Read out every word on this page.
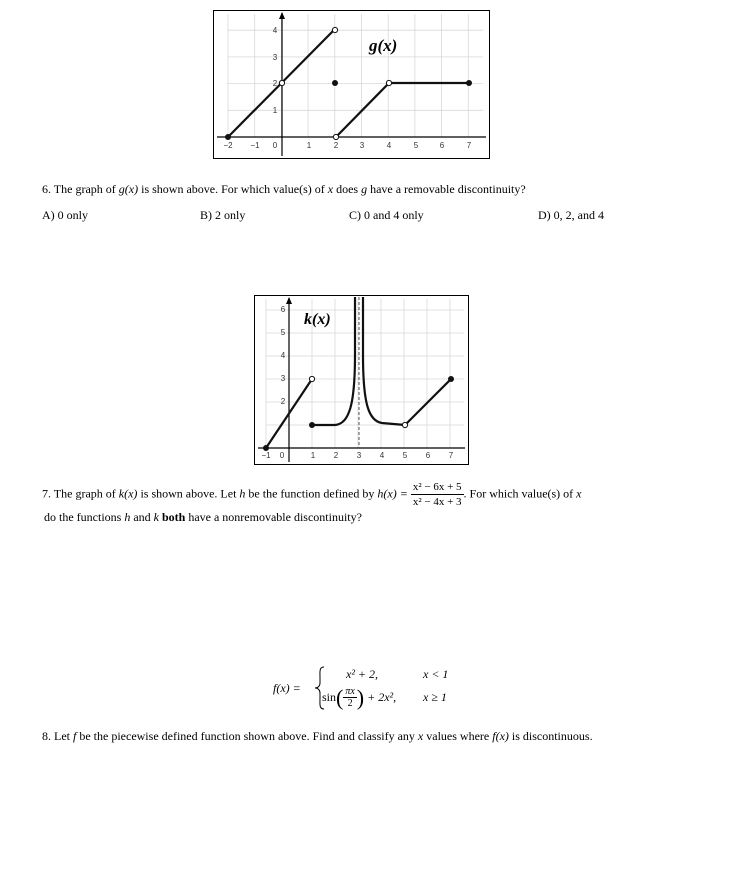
−2 −1 0	1	2	3	4	5	6	7
1
2
3
4
g(x)
6. The graph of g(x) is shown above. For which value(s) of x does g have a removable discontinuity?
A) 0 only	B) 2 only	C) 0 and 4 only	D) 0, 2, and 4
−1 0	1 2 3 4 5 6 7
2
3
4
5
6
k(x)
7. The graph of k(x) is shown above. Let h be the function defined by $h(x) = \frac{\text{x² − 6x + 5}}{\text{x² − 4x + 3}}$ . For which value(s) of x
do the functions h and k both have a nonremovable discontinuity?
f(x) =
x² + 2,	x < 1
sin ( $\frac{\pi x}{2}$ ) + 2x², x ≥ 1
8. Let f be the piecewise defined function shown above. Find and classify any x values where f(x) is discontinuous.
